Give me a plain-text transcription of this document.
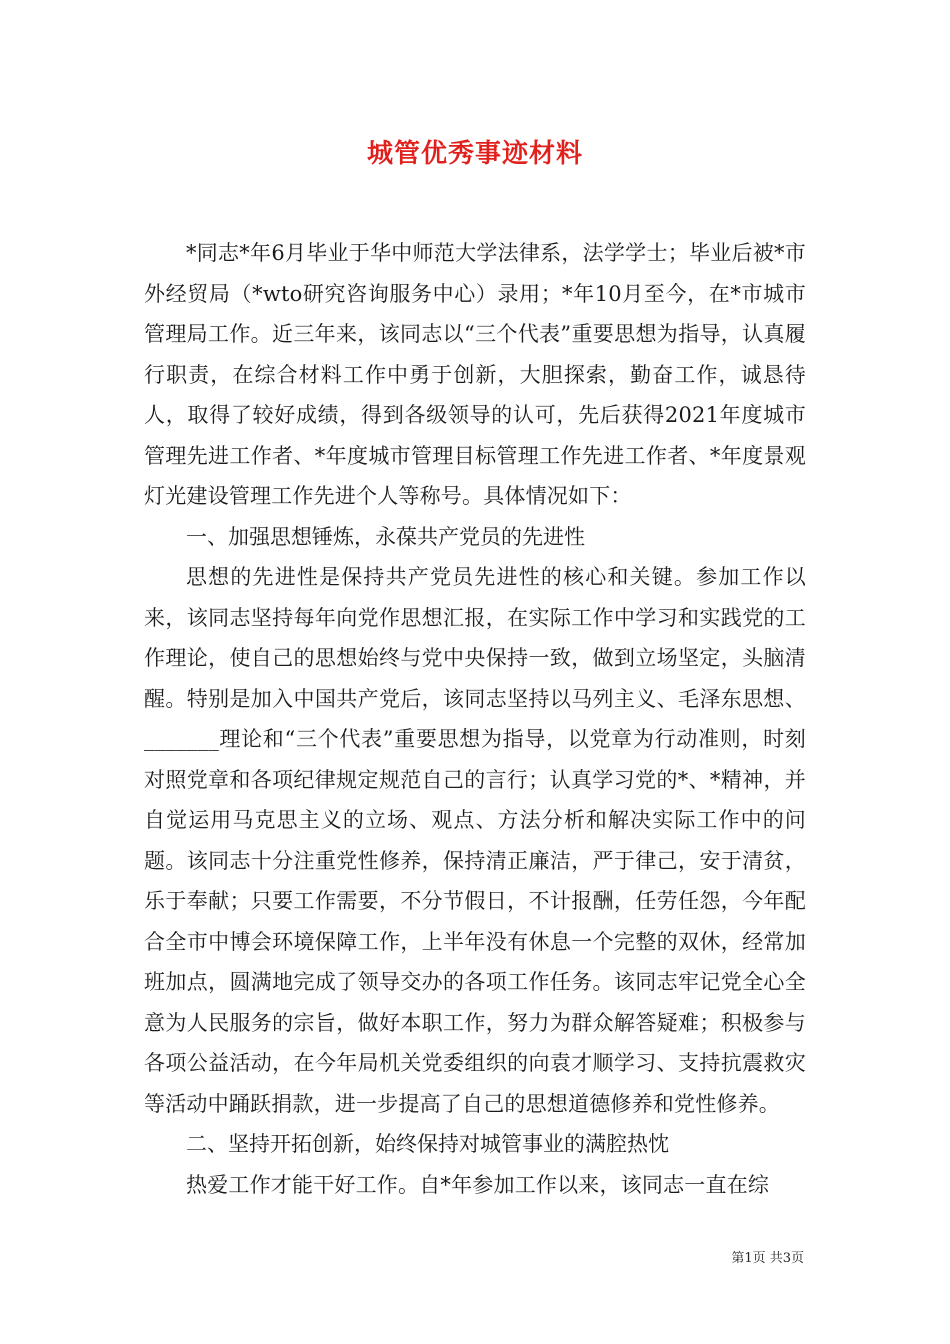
城管优秀事迹材料

*同志*年6月毕业于华中师范大学法律系，法学学士；毕业后被*市外经贸局（*wto研究咨询服务中心）录用；*年10月至今，在*市城市管理局工作。近三年来，该同志以“三个代表”重要思想为指导，认真履行职责，在综合材料工作中勇于创新，大胆探索，勤奋工作，诚恳待人，取得了较好成绩，得到各级领导的认可，先后获得2021年度城市管理先进工作者、*年度城市管理目标管理工作先进工作者、*年度景观灯光建设管理工作先进个人等称号。具体情况如下：

一、加强思想锤炼，永葆共产党员的先进性

思想的先进性是保持共产党员先进性的核心和关键。参加工作以来，该同志坚持每年向党作思想汇报，在实际工作中学习和实践党的工作理论，使自己的思想始终与党中央保持一致，做到立场坚定，头脑清醒。特别是加入中国共产党后，该同志坚持以马列主义、毛泽东思想、_______理论和“三个代表”重要思想为指导，以党章为行动准则，时刻对照党章和各项纪律规定规范自己的言行；认真学习党的*、*精神，并自觉运用马克思主义的立场、观点、方法分析和解决实际工作中的问题。该同志十分注重党性修养，保持清正廉洁，严于律己，安于清贫，乐于奉献；只要工作需要，不分节假日，不计报酬，任劳任怨，今年配合全市中博会环境保障工作，上半年没有休息一个完整的双休，经常加班加点，圆满地完成了领导交办的各项工作任务。该同志牢记党全心全意为人民服务的宗旨，做好本职工作，努力为群众解答疑难；积极参与各项公益活动，在今年局机关党委组织的向袁才顺学习、支持抗震救灾等活动中踊跃捐款，进一步提高了自己的思想道德修养和党性修养。

二、坚持开拓创新，始终保持对城管事业的满腔热忱

热爱工作才能干好工作。自*年参加工作以来，该同志一直在综

第1页 共3页
